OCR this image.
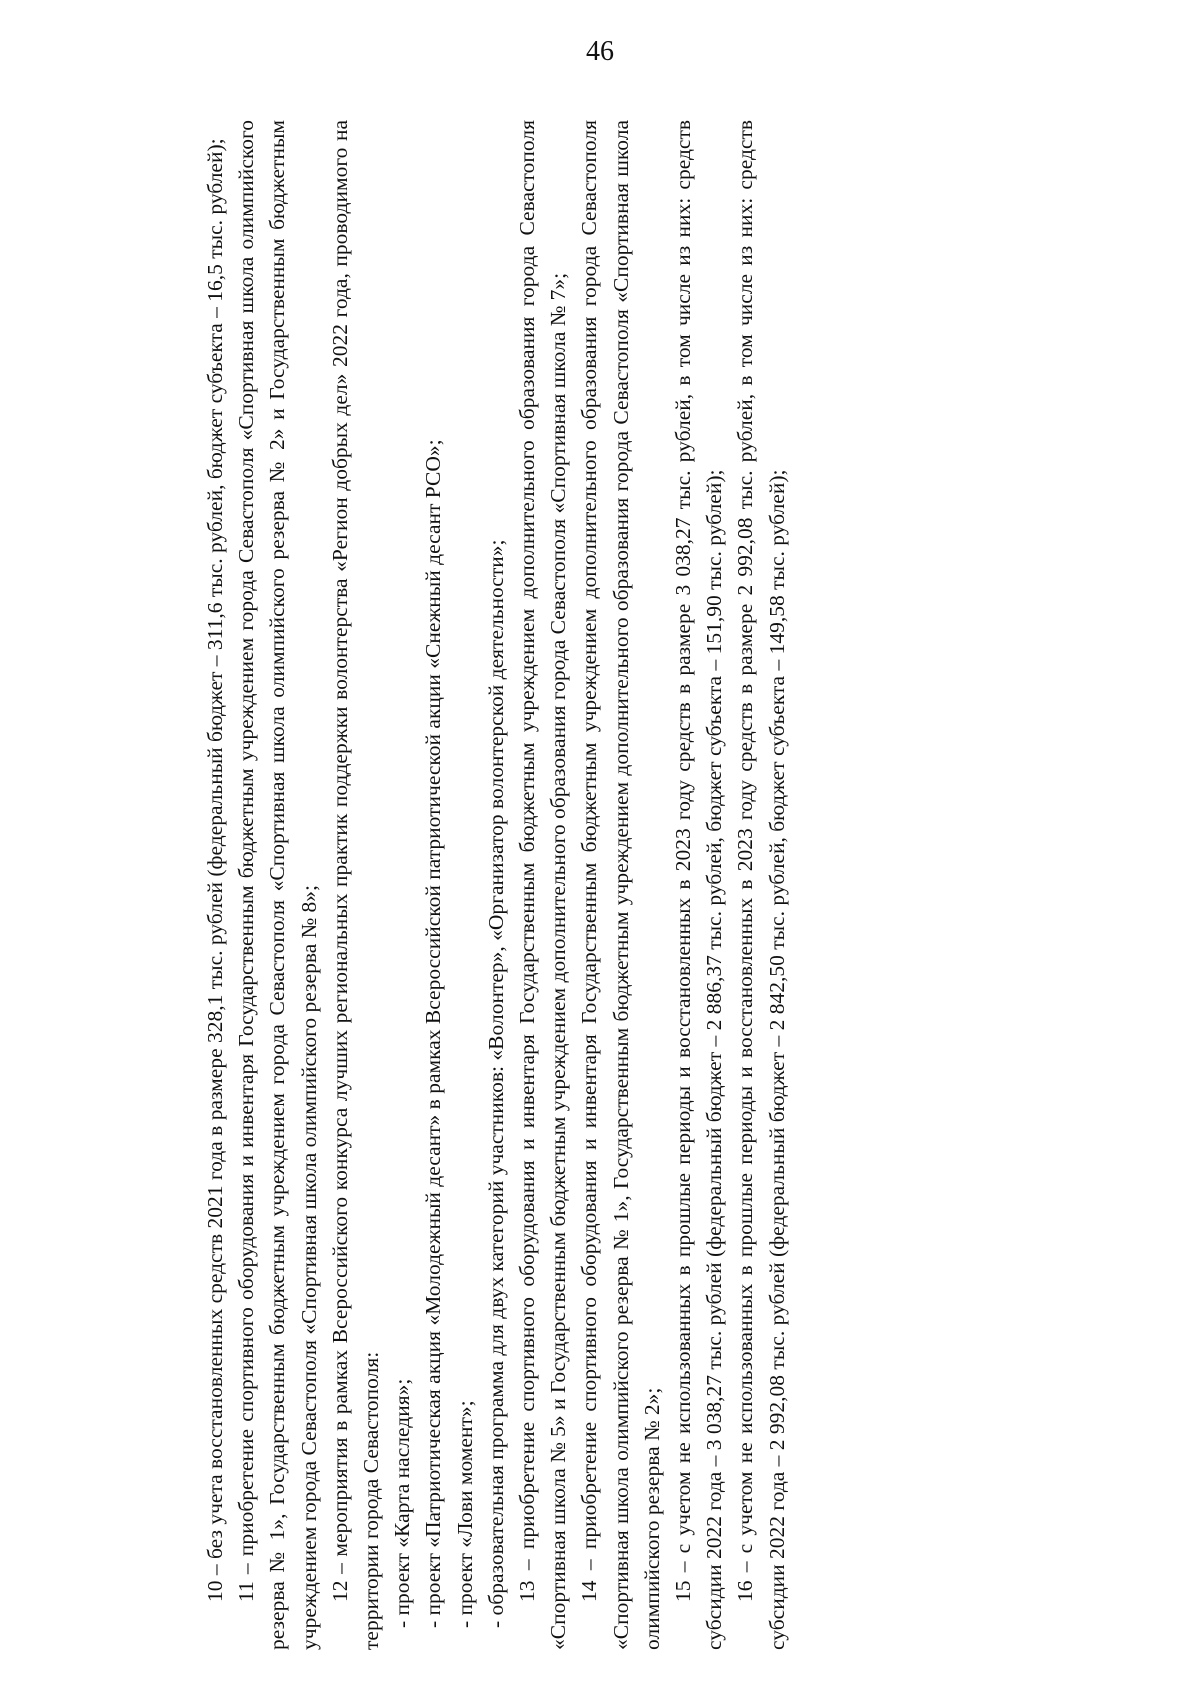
46

10 – без учета восстановленных средств 2021 года в размере 328,1 тыс. рублей (федеральный бюджет – 311,6 тыс. рублей, бюджет субъекта – 16,5 тыс. рублей); 11 – приобретение спортивного оборудования и инвентаря Государственным бюджетным учреждением города Севастополя «Спортивная школа олимпийского резерва № 1», Государственным бюджетным учреждением города Севастополя «Спортивная школа олимпийского резерва № 2» и Государственным бюджетным учреждением города Севастополя «Спортивная школа олимпийского резерва № 8»; 12 – мероприятия в рамках Всероссийского конкурса лучших региональных практик поддержки волонтерства «Регион добрых дел» 2022 года, проводимого на территории города Севастополя: - проект «Карта наследия»; - проект «Патриотическая акция «Молодежный десант» в рамках Всероссийской патриотической акции «Снежный десант РСО»; - проект «Лови момент»; - образовательная программа для двух категорий участников: «Волонтер», «Организатор волонтерской деятельности»; 13 – приобретение спортивного оборудования и инвентаря Государственным бюджетным учреждением дополнительного образования города Севастополя «Спортивная школа № 5» и Государственным бюджетным учреждением дополнительного образования города Севастополя «Спортивная школа № 7»; 14 – приобретение спортивного оборудования и инвентаря Государственным бюджетным учреждением дополнительного образования города Севастополя «Спортивная школа олимпийского резерва № 1», Государственным бюджетным учреждением дополнительного образования города Севастополя «Спортивная школа олимпийского резерва № 2»; 15 – с учетом не использованных в прошлые периоды и восстановленных в 2023 году средств в размере 3 038,27 тыс. рублей, в том числе из них: средств субсидии 2022 года – 3 038,27 тыс. рублей (федеральный бюджет – 2 886,37 тыс. рублей, бюджет субъекта – 151,90 тыс. рублей); 16 – с учетом не использованных в прошлые периоды и восстановленных в 2023 году средств в размере 2 992,08 тыс. рублей, в том числе из них: средств субсидии 2022 года – 2 992,08 тыс. рублей (федеральный бюджет – 2 842,50 тыс. рублей, бюджет субъекта – 149,58 тыс. рублей);
